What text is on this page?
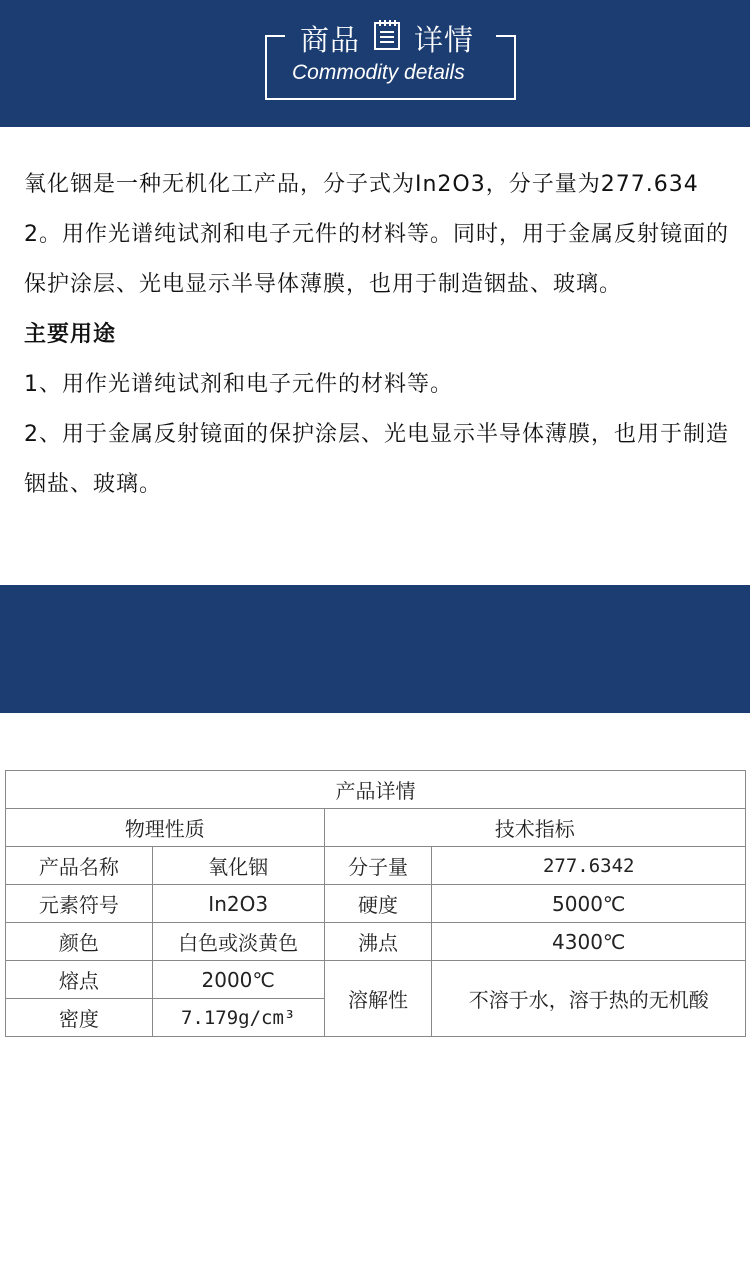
商品 详情
Commodity details

氧化铟是一种无机化工产品，分子式为In2O3，分子量为277.6342。用作光谱纯试剂和电子元件的材料等。同时，用于金属反射镜面的保护涂层、光电显示半导体薄膜，也用于制造铟盐、玻璃。

主要用途

1、用作光谱纯试剂和电子元件的材料等。

2、用于金属反射镜面的保护涂层、光电显示半导体薄膜，也用于制造铟盐、玻璃。

化学 成分
Chemical composition
产品详情			
物理性质		技术指标	
产品名称	氧化铟	分子量	277.6342
元素符号	In2O3	硬度	5000℃
颜色	白色或淡黄色	沸点	4300℃
熔点	2000℃	溶解性	不溶于水，溶于热的无机酸
密度	7.179g/cm³		
